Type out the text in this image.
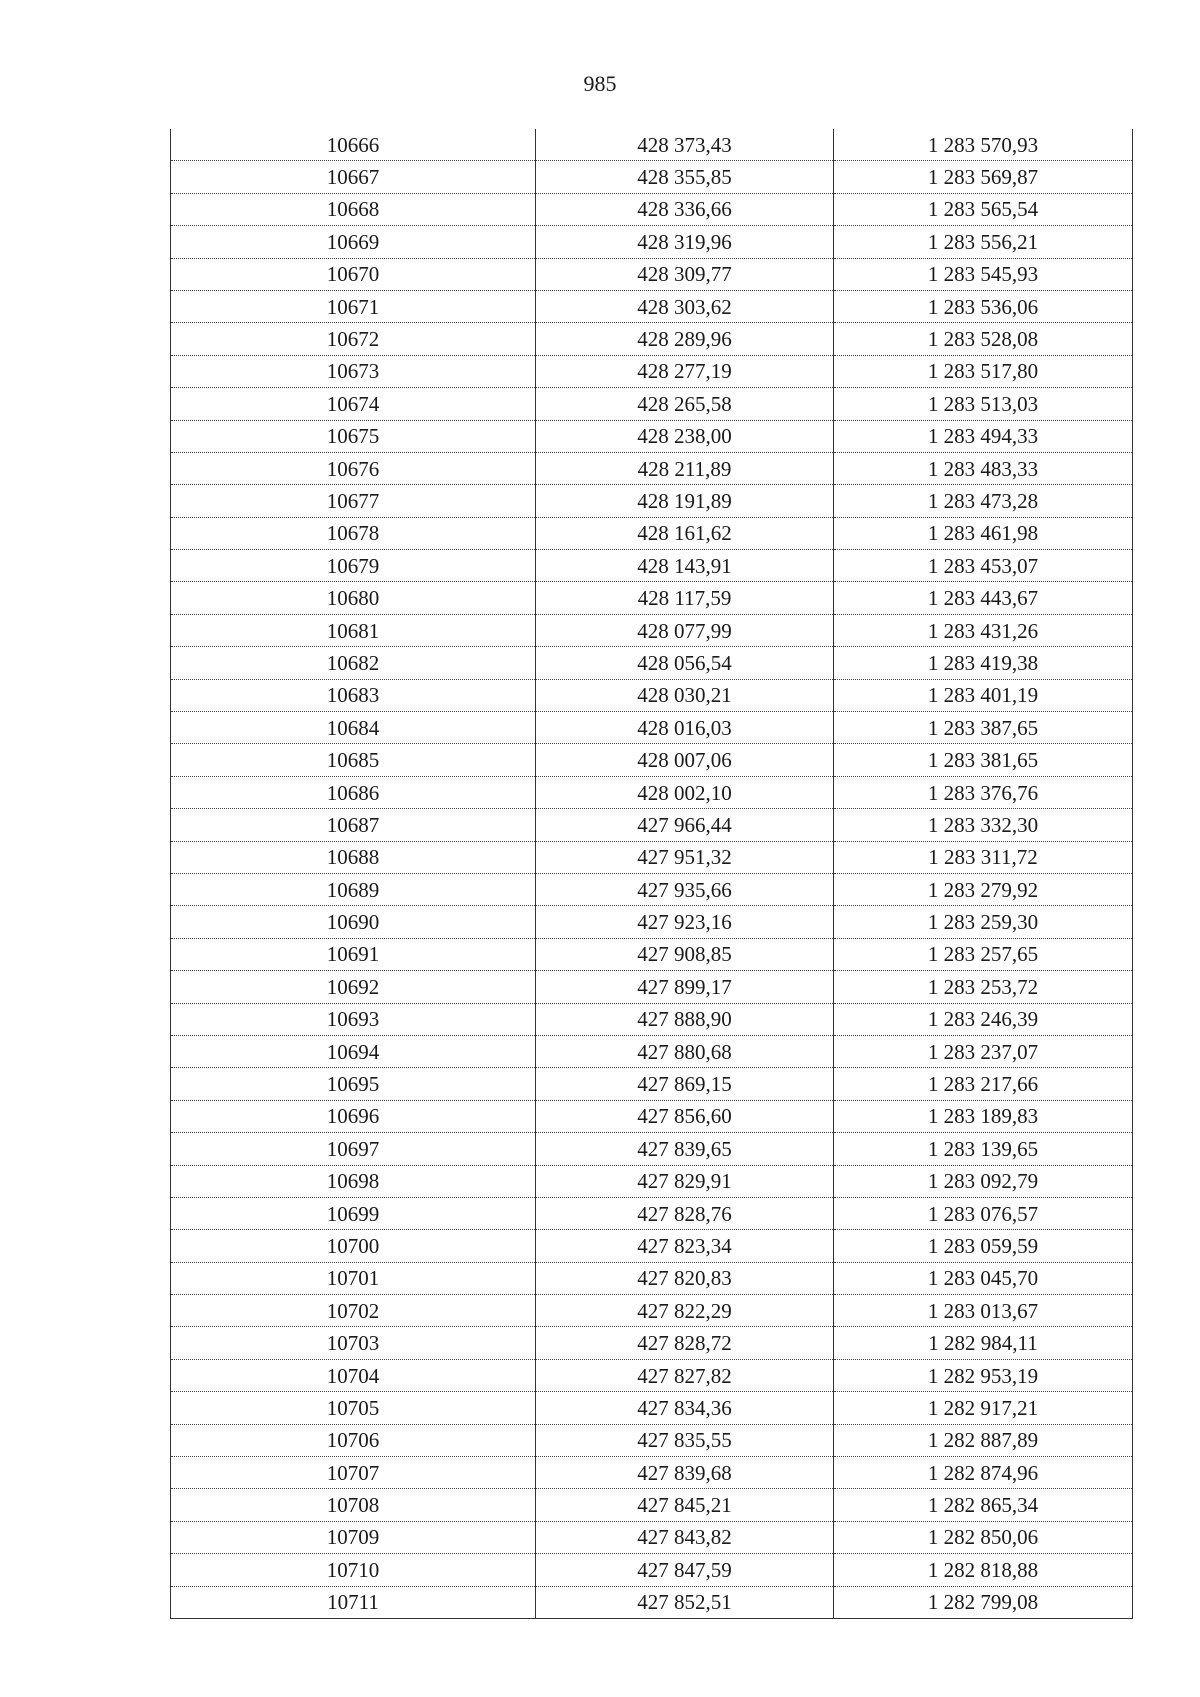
985
10666	428 373,43	1 283 570,93
10667	428 355,85	1 283 569,87
10668	428 336,66	1 283 565,54
10669	428 319,96	1 283 556,21
10670	428 309,77	1 283 545,93
10671	428 303,62	1 283 536,06
10672	428 289,96	1 283 528,08
10673	428 277,19	1 283 517,80
10674	428 265,58	1 283 513,03
10675	428 238,00	1 283 494,33
10676	428 211,89	1 283 483,33
10677	428 191,89	1 283 473,28
10678	428 161,62	1 283 461,98
10679	428 143,91	1 283 453,07
10680	428 117,59	1 283 443,67
10681	428 077,99	1 283 431,26
10682	428 056,54	1 283 419,38
10683	428 030,21	1 283 401,19
10684	428 016,03	1 283 387,65
10685	428 007,06	1 283 381,65
10686	428 002,10	1 283 376,76
10687	427 966,44	1 283 332,30
10688	427 951,32	1 283 311,72
10689	427 935,66	1 283 279,92
10690	427 923,16	1 283 259,30
10691	427 908,85	1 283 257,65
10692	427 899,17	1 283 253,72
10693	427 888,90	1 283 246,39
10694	427 880,68	1 283 237,07
10695	427 869,15	1 283 217,66
10696	427 856,60	1 283 189,83
10697	427 839,65	1 283 139,65
10698	427 829,91	1 283 092,79
10699	427 828,76	1 283 076,57
10700	427 823,34	1 283 059,59
10701	427 820,83	1 283 045,70
10702	427 822,29	1 283 013,67
10703	427 828,72	1 282 984,11
10704	427 827,82	1 282 953,19
10705	427 834,36	1 282 917,21
10706	427 835,55	1 282 887,89
10707	427 839,68	1 282 874,96
10708	427 845,21	1 282 865,34
10709	427 843,82	1 282 850,06
10710	427 847,59	1 282 818,88
10711	427 852,51	1 282 799,08
